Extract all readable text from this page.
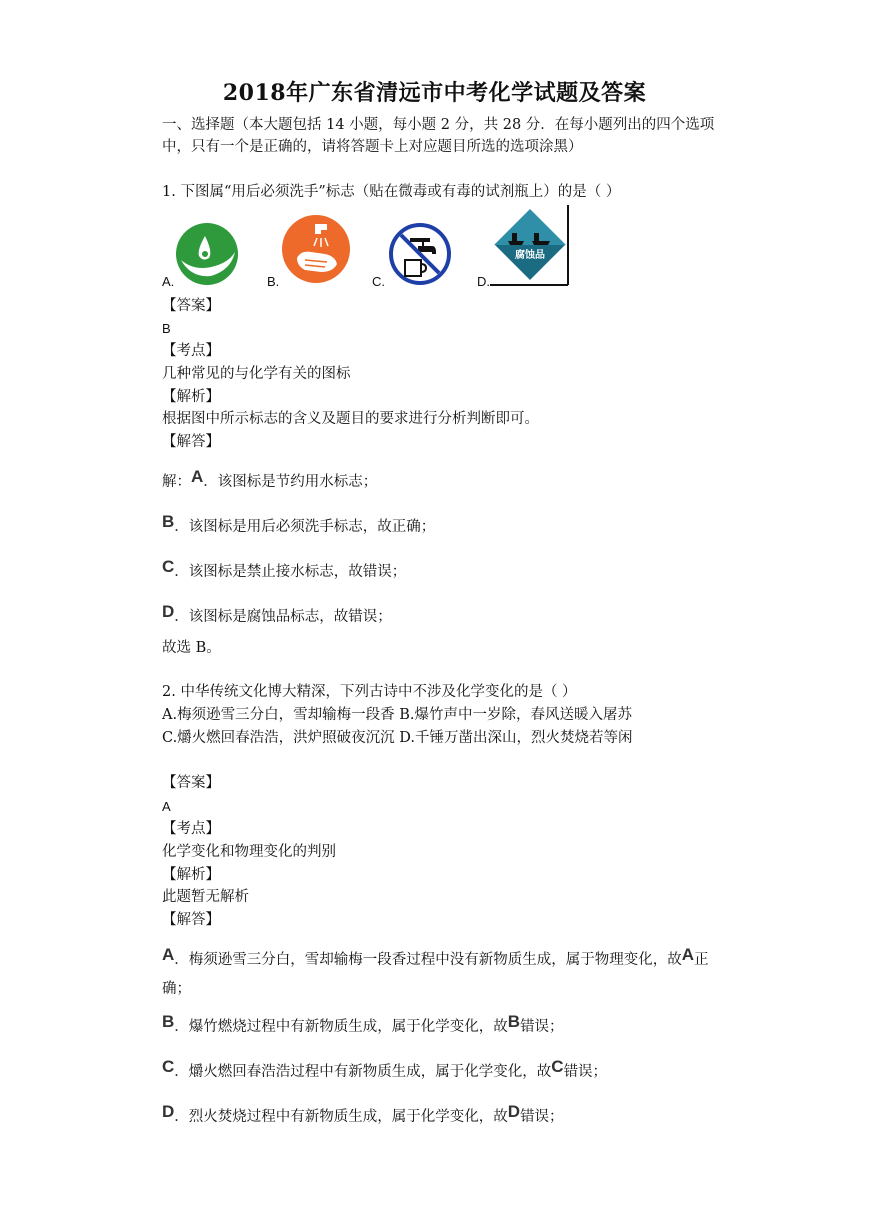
2018年广东省清远市中考化学试题及答案
一、选择题（本大题包括 14 小题，每小题 2 分，共 28 分．在每小题列出的四个选项
中，只有一个是正确的，请将答题卡上对应题目所选的选项涂黑）
1. 下图属“用后必须洗手”标志（贴在微毒或有毒的试剂瓶上）的是（ ）
A.	B.	C.
腐蚀品
D.
【答案】
B
【考点】
几种常见的与化学有关的图标
【解析】
根据图中所示标志的含义及题目的要求进行分析判断即可。
【解答】
解：A．该图标是节约用水标志；
B．该图标是用后必须洗手标志，故正确；
C．该图标是禁止接水标志，故错误；
D．该图标是腐蚀品标志，故错误；
故选 B。
2. 中华传统文化博大精深，下列古诗中不涉及化学变化的是（ ）
A.梅须逊雪三分白，雪却输梅一段香 B.爆竹声中一岁除，春风送暖入屠苏
C.爝火燃回春浩浩，洪炉照破夜沉沉 D.千锤万凿出深山，烈火焚烧若等闲
【答案】
A
【考点】
化学变化和物理变化的判别
【解析】
此题暂无解析
【解答】
A．梅须逊雪三分白，雪却输梅一段香过程中没有新物质生成，属于物理变化，故A正
确；
B．爆竹燃烧过程中有新物质生成，属于化学变化，故B错误；
C．爝火燃回春浩浩过程中有新物质生成，属于化学变化，故C错误；
D．烈火焚烧过程中有新物质生成，属于化学变化，故D错误；
